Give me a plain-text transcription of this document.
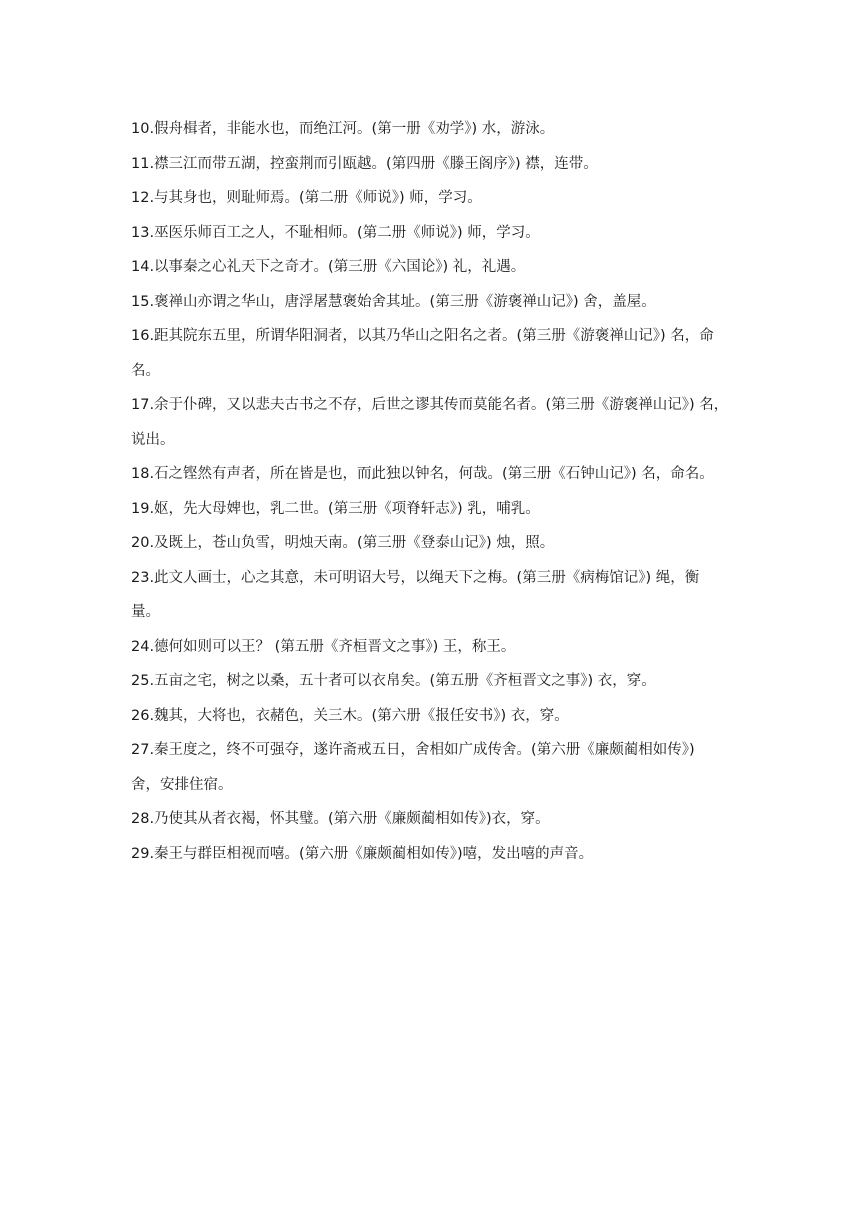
10.假舟楫者，非能水也，而绝江河。(第一册《劝学》) 水，游泳。
11.襟三江而带五湖，控蛮荆而引瓯越。(第四册《滕王阁序》) 襟，连带。
12.与其身也，则耻师焉。(第二册《师说》) 师，学习。
13.巫医乐师百工之人，不耻相师。(第二册《师说》) 师，学习。
14.以事秦之心礼天下之奇才。(第三册《六国论》) 礼，礼遇。
15.褒禅山亦谓之华山，唐浮屠慧褒始舍其址。(第三册《游褒禅山记》) 舍，盖屋。
16.距其院东五里，所谓华阳洞者，以其乃华山之阳名之者。(第三册《游褒禅山记》) 名，命
名。
17.余于仆碑，又以悲夫古书之不存，后世之谬其传而莫能名者。(第三册《游褒禅山记》) 名，
说出。
18.石之铿然有声者，所在皆是也，而此独以钟名，何哉。(第三册《石钟山记》) 名，命名。
19.妪，先大母婢也，乳二世。(第三册《项脊轩志》) 乳，哺乳。
20.及既上，苍山负雪，明烛天南。(第三册《登泰山记》) 烛，照。
23.此文人画士，心之其意，未可明诏大号，以绳天下之梅。(第三册《病梅馆记》) 绳，衡
量。
24.德何如则可以王？ (第五册《齐桓晋文之事》) 王，称王。
25.五亩之宅，树之以桑，五十者可以衣帛矣。(第五册《齐桓晋文之事》) 衣，穿。
26.魏其，大将也，衣赭色，关三木。(第六册《报任安书》) 衣，穿。
27.秦王度之，终不可强夺，遂许斋戒五日，舍相如广成传舍。(第六册《廉颇蔺相如传》)
舍，安排住宿。
28.乃使其从者衣褐，怀其璧。(第六册《廉颇蔺相如传》)衣，穿。
29.秦王与群臣相视而嘻。(第六册《廉颇蔺相如传》)嘻，发出嘻的声音。
